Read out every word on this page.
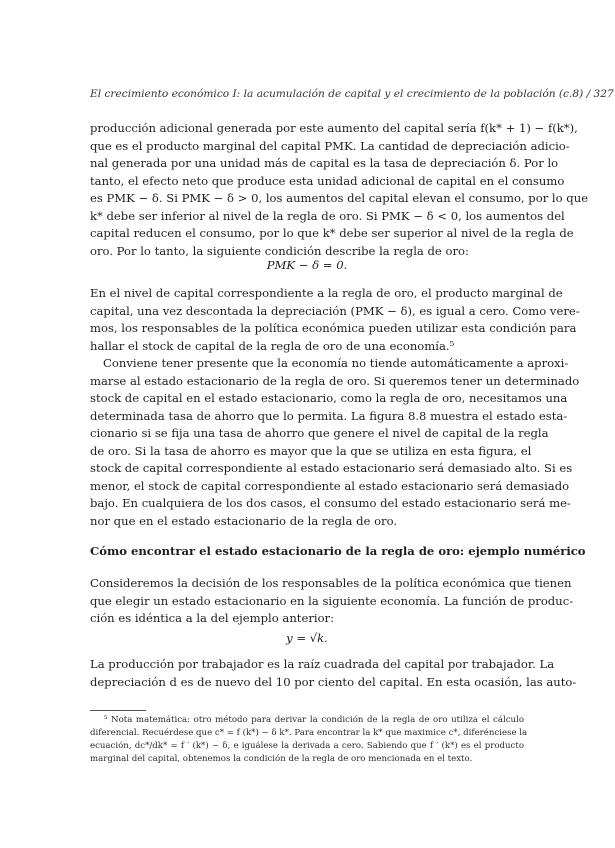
El crecimiento económico I: la acumulación de capital y el crecimiento de la población (c.8) / 327
producción adicional generada por este aumento del capital sería f(k* + 1) − f(k*),
que es el producto marginal del capital PMK. La cantidad de depreciación adicio-
nal generada por una unidad más de capital es la tasa de depreciación δ. Por lo
tanto, el efecto neto que produce esta unidad adicional de capital en el consumo
es PMK − δ. Si PMK − δ > 0, los aumentos del capital elevan el consumo, por lo que
k* debe ser inferior al nivel de la regla de oro. Si PMK − δ < 0, los aumentos del
capital reducen el consumo, por lo que k* debe ser superior al nivel de la regla de
oro. Por lo tanto, la siguiente condición describe la regla de oro:
PMK − δ = 0.
En el nivel de capital correspondiente a la regla de oro, el producto marginal de
capital, una vez descontada la depreciación (PMK − δ), es igual a cero. Como vere-
mos, los responsables de la política económica pueden utilizar esta condición para
hallar el stock de capital de la regla de oro de una economía.⁵
Conviene tener presente que la economía no tiende automáticamente a aproxi-
marse al estado estacionario de la regla de oro. Si queremos tener un determinado
stock de capital en el estado estacionario, como la regla de oro, necesitamos una
determinada tasa de ahorro que lo permita. La figura 8.8 muestra el estado esta-
cionario si se fija una tasa de ahorro que genere el nivel de capital de la regla
de oro. Si la tasa de ahorro es mayor que la que se utiliza en esta figura, el
stock de capital correspondiente al estado estacionario será demasiado alto. Si es
menor, el stock de capital correspondiente al estado estacionario será demasiado
bajo. En cualquiera de los dos casos, el consumo del estado estacionario será me-
nor que en el estado estacionario de la regla de oro.
Cómo encontrar el estado estacionario de la regla de oro: ejemplo numérico
Consideremos la decisión de los responsables de la política económica que tienen
que elegir un estado estacionario en la siguiente economía. La función de produc-
ción es idéntica a la del ejemplo anterior:
y = √k.
La producción por trabajador es la raíz cuadrada del capital por trabajador. La
depreciación d es de nuevo del 10 por ciento del capital. En esta ocasión, las auto-
⁵ Nota matemática: otro método para derivar la condición de la regla de oro utiliza el cálculo
diferencial. Recuérdese que c* = f (k*) − δ k*. Para encontrar la k* que maximice c*, diferénciese la
ecuación, dc*/dk* = f ′ (k*) − δ, e iguálese la derivada a cero. Sabiendo que f ′ (k*) es el producto
marginal del capital, obtenemos la condición de la regla de oro mencionada en el texto.
